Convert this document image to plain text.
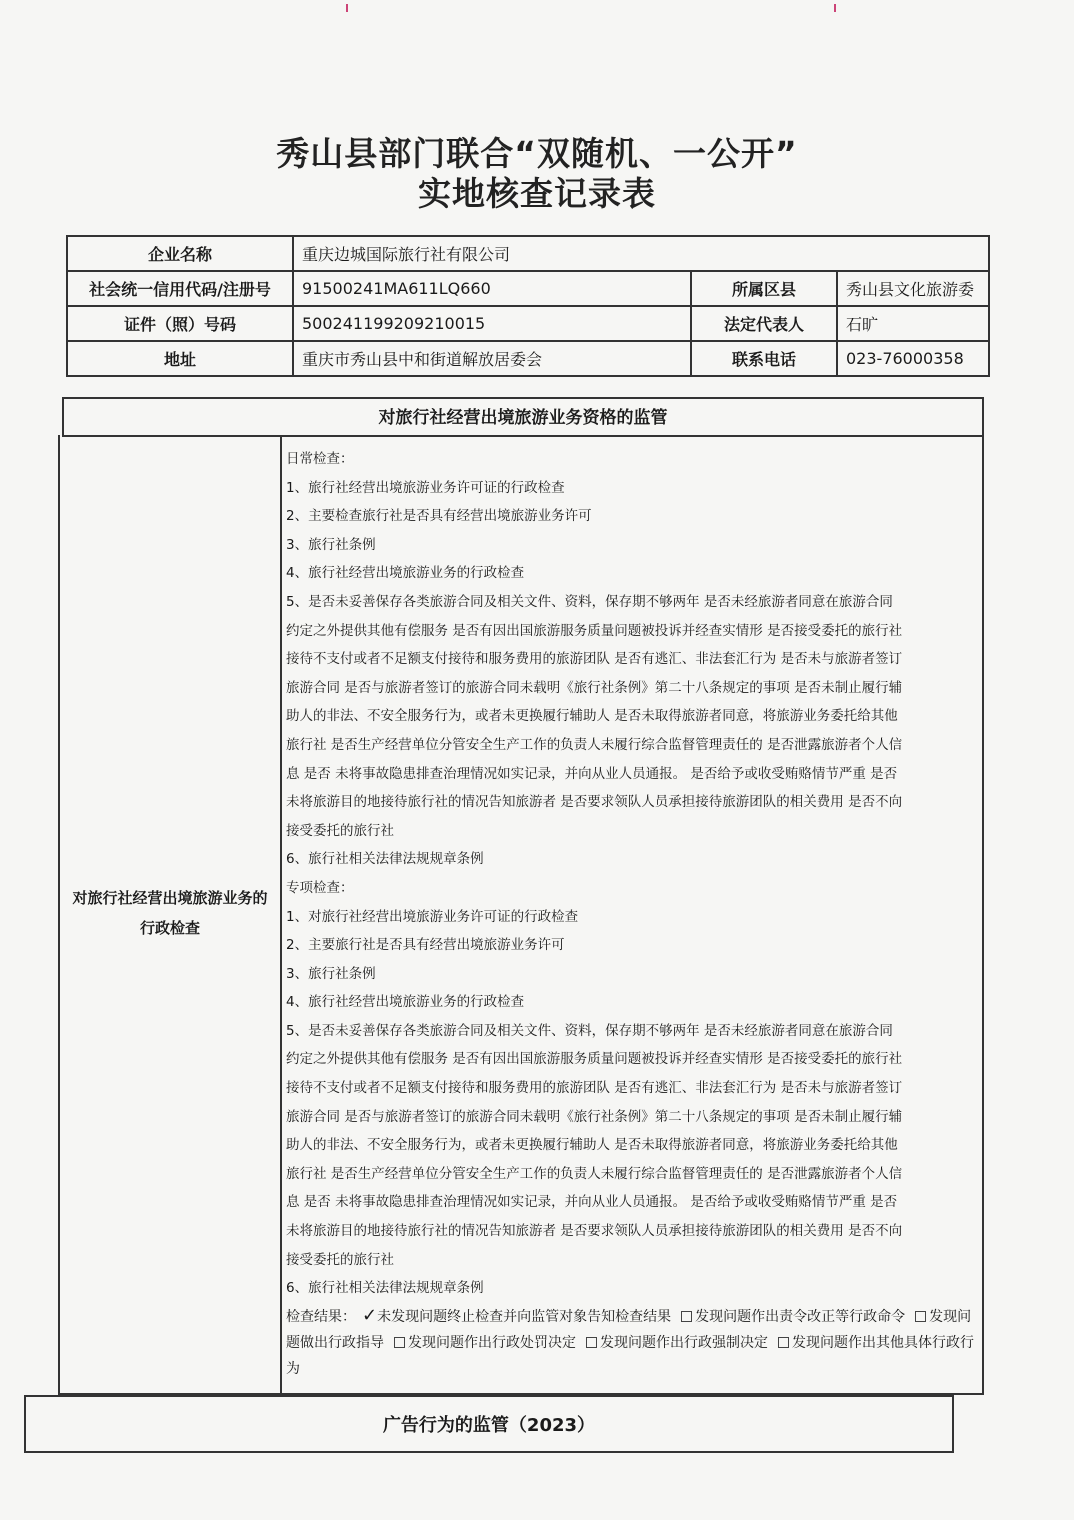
秀山县部门联合“双随机、一公开”
实地核查记录表
企业名称	重庆边城国际旅行社有限公司		
社会统一信用代码/注册号	91500241MA611LQ660	所属区县	秀山县文化旅游委
证件（照）号码	500241199209210015	法定代表人	石旷
地址	重庆市秀山县中和街道解放居委会	联系电话	023-76000358
对旅行社经营出境旅游业务资格的监管
对旅行社经营出境旅游业务的
行政检查

日常检查：

1、旅行社经营出境旅游业务许可证的行政检查

2、主要检查旅行社是否具有经营出境旅游业务许可

3、旅行社条例

4、旅行社经营出境旅游业务的行政检查

5、是否未妥善保存各类旅游合同及相关文件、资料，保存期不够两年 是否未经旅游者同意在旅游合同

约定之外提供其他有偿服务 是否有因出国旅游服务质量问题被投诉并经查实情形 是否接受委托的旅行社

接待不支付或者不足额支付接待和服务费用的旅游团队 是否有逃汇、非法套汇行为 是否未与旅游者签订

旅游合同 是否与旅游者签订的旅游合同未载明《旅行社条例》第二十八条规定的事项 是否未制止履行辅

助人的非法、不安全服务行为，或者未更换履行辅助人 是否未取得旅游者同意，将旅游业务委托给其他

旅行社 是否生产经营单位分管安全生产工作的负责人未履行综合监督管理责任的 是否泄露旅游者个人信

息 是否 未将事故隐患排查治理情况如实记录，并向从业人员通报。 是否给予或收受贿赂情节严重 是否

未将旅游目的地接待旅行社的情况告知旅游者 是否要求领队人员承担接待旅游团队的相关费用 是否不向

接受委托的旅行社

6、旅行社相关法律法规规章条例

专项检查：

1、对旅行社经营出境旅游业务许可证的行政检查

2、主要旅行社是否具有经营出境旅游业务许可

3、旅行社条例

4、旅行社经营出境旅游业务的行政检查

5、是否未妥善保存各类旅游合同及相关文件、资料，保存期不够两年 是否未经旅游者同意在旅游合同

约定之外提供其他有偿服务 是否有因出国旅游服务质量问题被投诉并经查实情形 是否接受委托的旅行社

接待不支付或者不足额支付接待和服务费用的旅游团队 是否有逃汇、非法套汇行为 是否未与旅游者签订

旅游合同 是否与旅游者签订的旅游合同未载明《旅行社条例》第二十八条规定的事项 是否未制止履行辅

助人的非法、不安全服务行为，或者未更换履行辅助人 是否未取得旅游者同意，将旅游业务委托给其他

旅行社 是否生产经营单位分管安全生产工作的负责人未履行综合监督管理责任的 是否泄露旅游者个人信

息 是否 未将事故隐患排查治理情况如实记录，并向从业人员通报。 是否给予或收受贿赂情节严重 是否

未将旅游目的地接待旅行社的情况告知旅游者 是否要求领队人员承担接待旅游团队的相关费用 是否不向

接受委托的旅行社

6、旅行社相关法律法规规章条例

检查结果： ✓未发现问题终止检查并向监管对象告知检查结果 发现问题作出责令改正等行政命令 发现问题做出行政指导 发现问题作出行政处罚决定 发现问题作出行政强制决定 发现问题作出其他具体行政行为
广告行为的监管（2023）
